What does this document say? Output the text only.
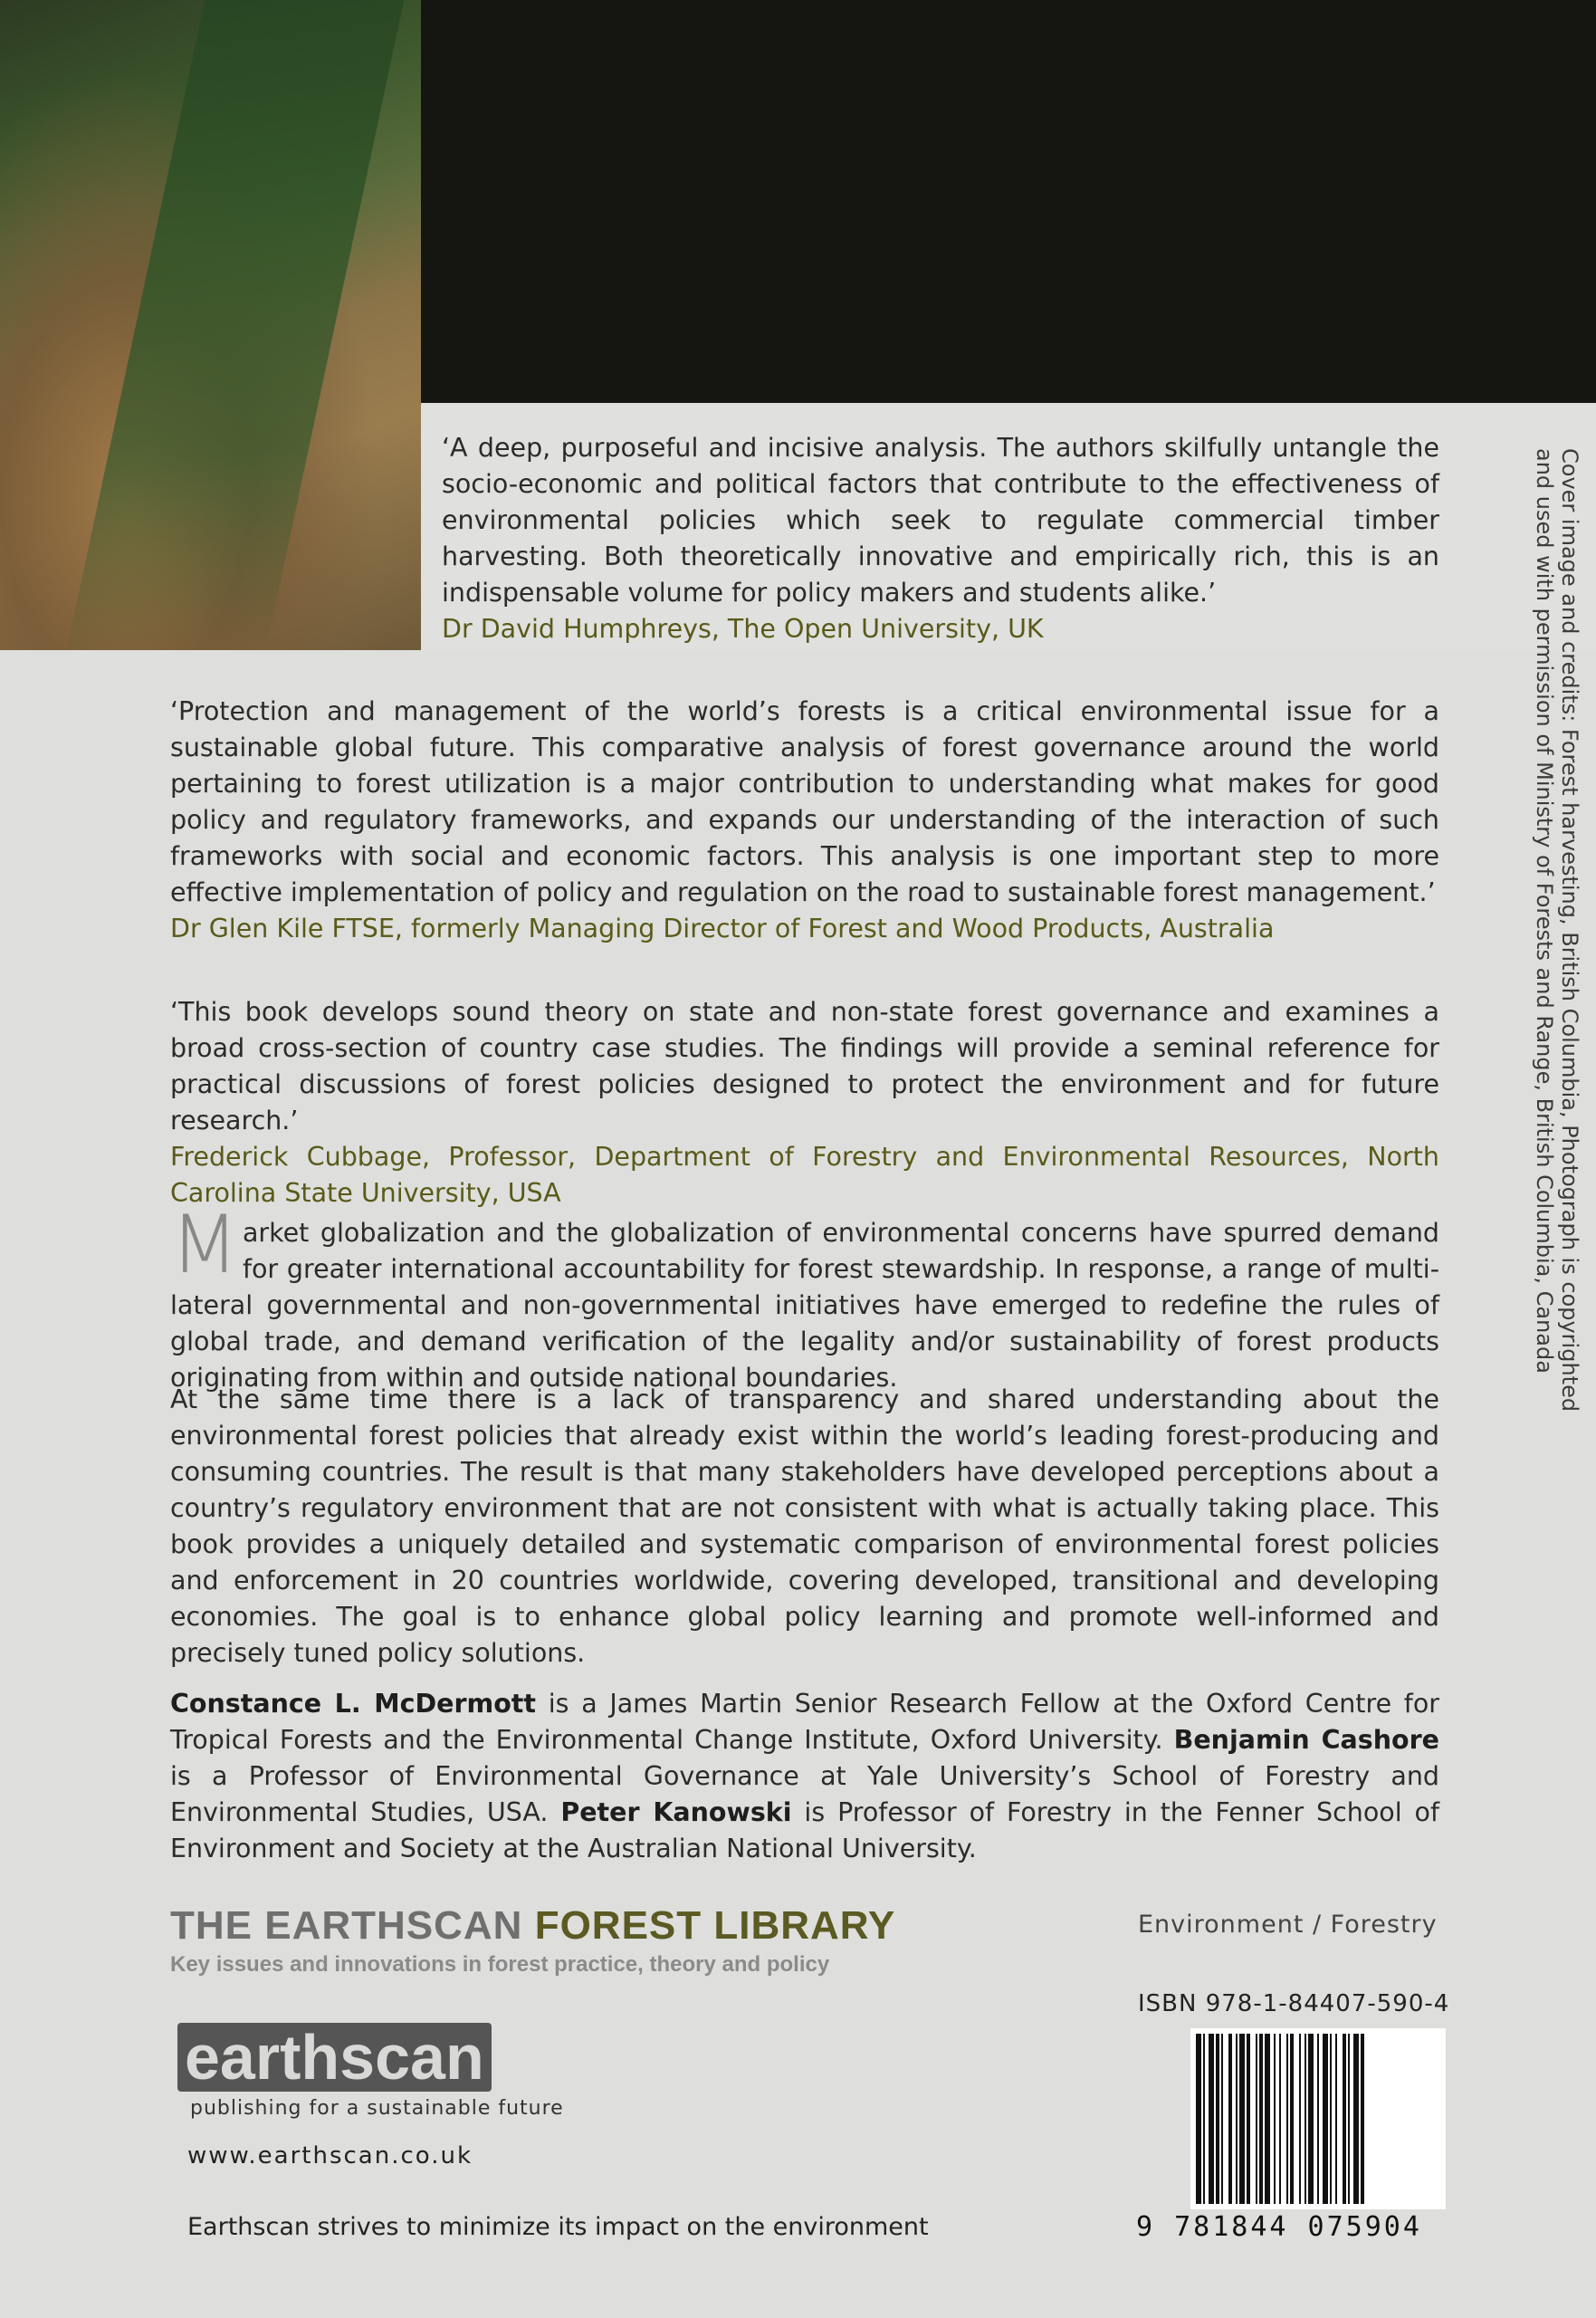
‘A deep, purposeful and incisive analysis. The authors skilfully untangle the socio-economic and political factors that contribute to the effectiveness of environmental policies which seek to regulate commercial timber harvesting. Both theoretically innovative and empirically rich, this is an indispensable volume for policy makers and students alike.’
Dr David Humphreys, The Open University, UK
‘Protection and management of the world’s forests is a critical environmental issue for a sustainable global future. This comparative analysis of forest governance around the world pertaining to forest utilization is a major contribution to understanding what makes for good policy and regulatory frameworks, and expands our understanding of the interaction of such frameworks with social and economic factors. This analysis is one important step to more effective implementation of policy and regulation on the road to sustainable forest management.’
Dr Glen Kile FTSE, formerly Managing Director of Forest and Wood Products, Australia
‘This book develops sound theory on state and non-state forest governance and examines a broad cross-section of country case studies. The findings will provide a seminal reference for practical discussions of forest policies designed to protect the environment and for future research.’
Frederick Cubbage, Professor, Department of Forestry and Environmental Resources, North Carolina State University, USA
Market globalization and the globalization of environmental concerns have spurred demand for greater international accountability for forest stewardship. In response, a range of multi-lateral governmental and non-governmental initiatives have emerged to redefine the rules of global trade, and demand verification of the legality and/or sustainability of forest products originating from within and outside national boundaries.
At the same time there is a lack of transparency and shared understanding about the environmental forest policies that already exist within the world’s leading forest-producing and consuming countries. The result is that many stakeholders have developed perceptions about a country’s regulatory environment that are not consistent with what is actually taking place. This book provides a uniquely detailed and systematic comparison of environmental forest policies and enforcement in 20 countries worldwide, covering developed, transitional and developing economies. The goal is to enhance global policy learning and promote well-informed and precisely tuned policy solutions.
Constance L. McDermott is a James Martin Senior Research Fellow at the Oxford Centre for Tropical Forests and the Environmental Change Institute, Oxford University. Benjamin Cashore is a Professor of Environmental Governance at Yale University’s School of Forestry and Environmental Studies, USA. Peter Kanowski is Professor of Forestry in the Fenner School of Environment and Society at the Australian National University.
Cover image and credits: Forest harvesting, British Columbia, Photograph is copyrighted
and used with permission of Ministry of Forests and Range, British Columbia, Canada
THE EARTHSCAN FOREST LIBRARY
Key issues and innovations in forest practice, theory and policy
Environment / Forestry
ISBN 978-1-84407-590-4
9 781844 075904
earthscan
publishing for a sustainable future
www.earthscan.co.uk
Earthscan strives to minimize its impact on the environment
